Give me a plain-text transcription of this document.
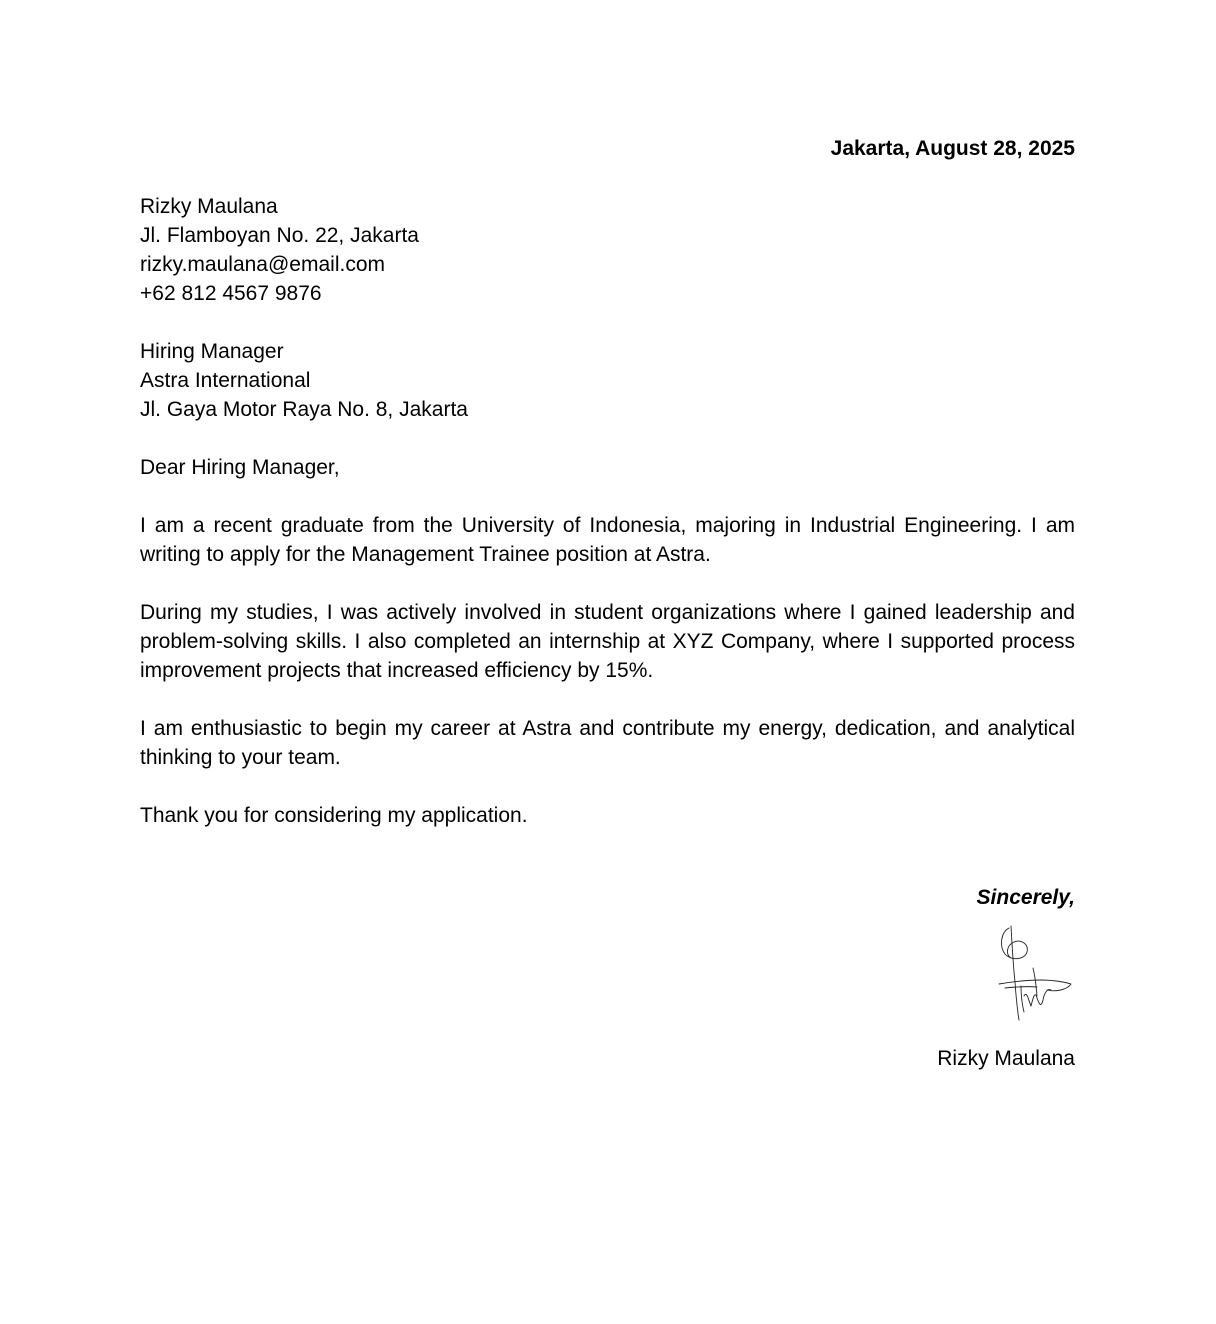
Jakarta, August 28, 2025
Rizky Maulana
Jl. Flamboyan No. 22, Jakarta
rizky.maulana@email.com
+62 812 4567 9876
Hiring Manager
Astra International
Jl. Gaya Motor Raya No. 8, Jakarta

Dear Hiring Manager,

I am a recent graduate from the University of Indonesia, majoring in Industrial Engineering. I am writing to apply for the Management Trainee position at Astra.

During my studies, I was actively involved in student organizations where I gained leadership and problem-solving skills. I also completed an internship at XYZ Company, where I supported process improvement projects that increased efficiency by 15%.

I am enthusiastic to begin my career at Astra and contribute my energy, dedication, and analytical thinking to your team.

Thank you for considering my application.

Sincerely,
Rizky Maulana
